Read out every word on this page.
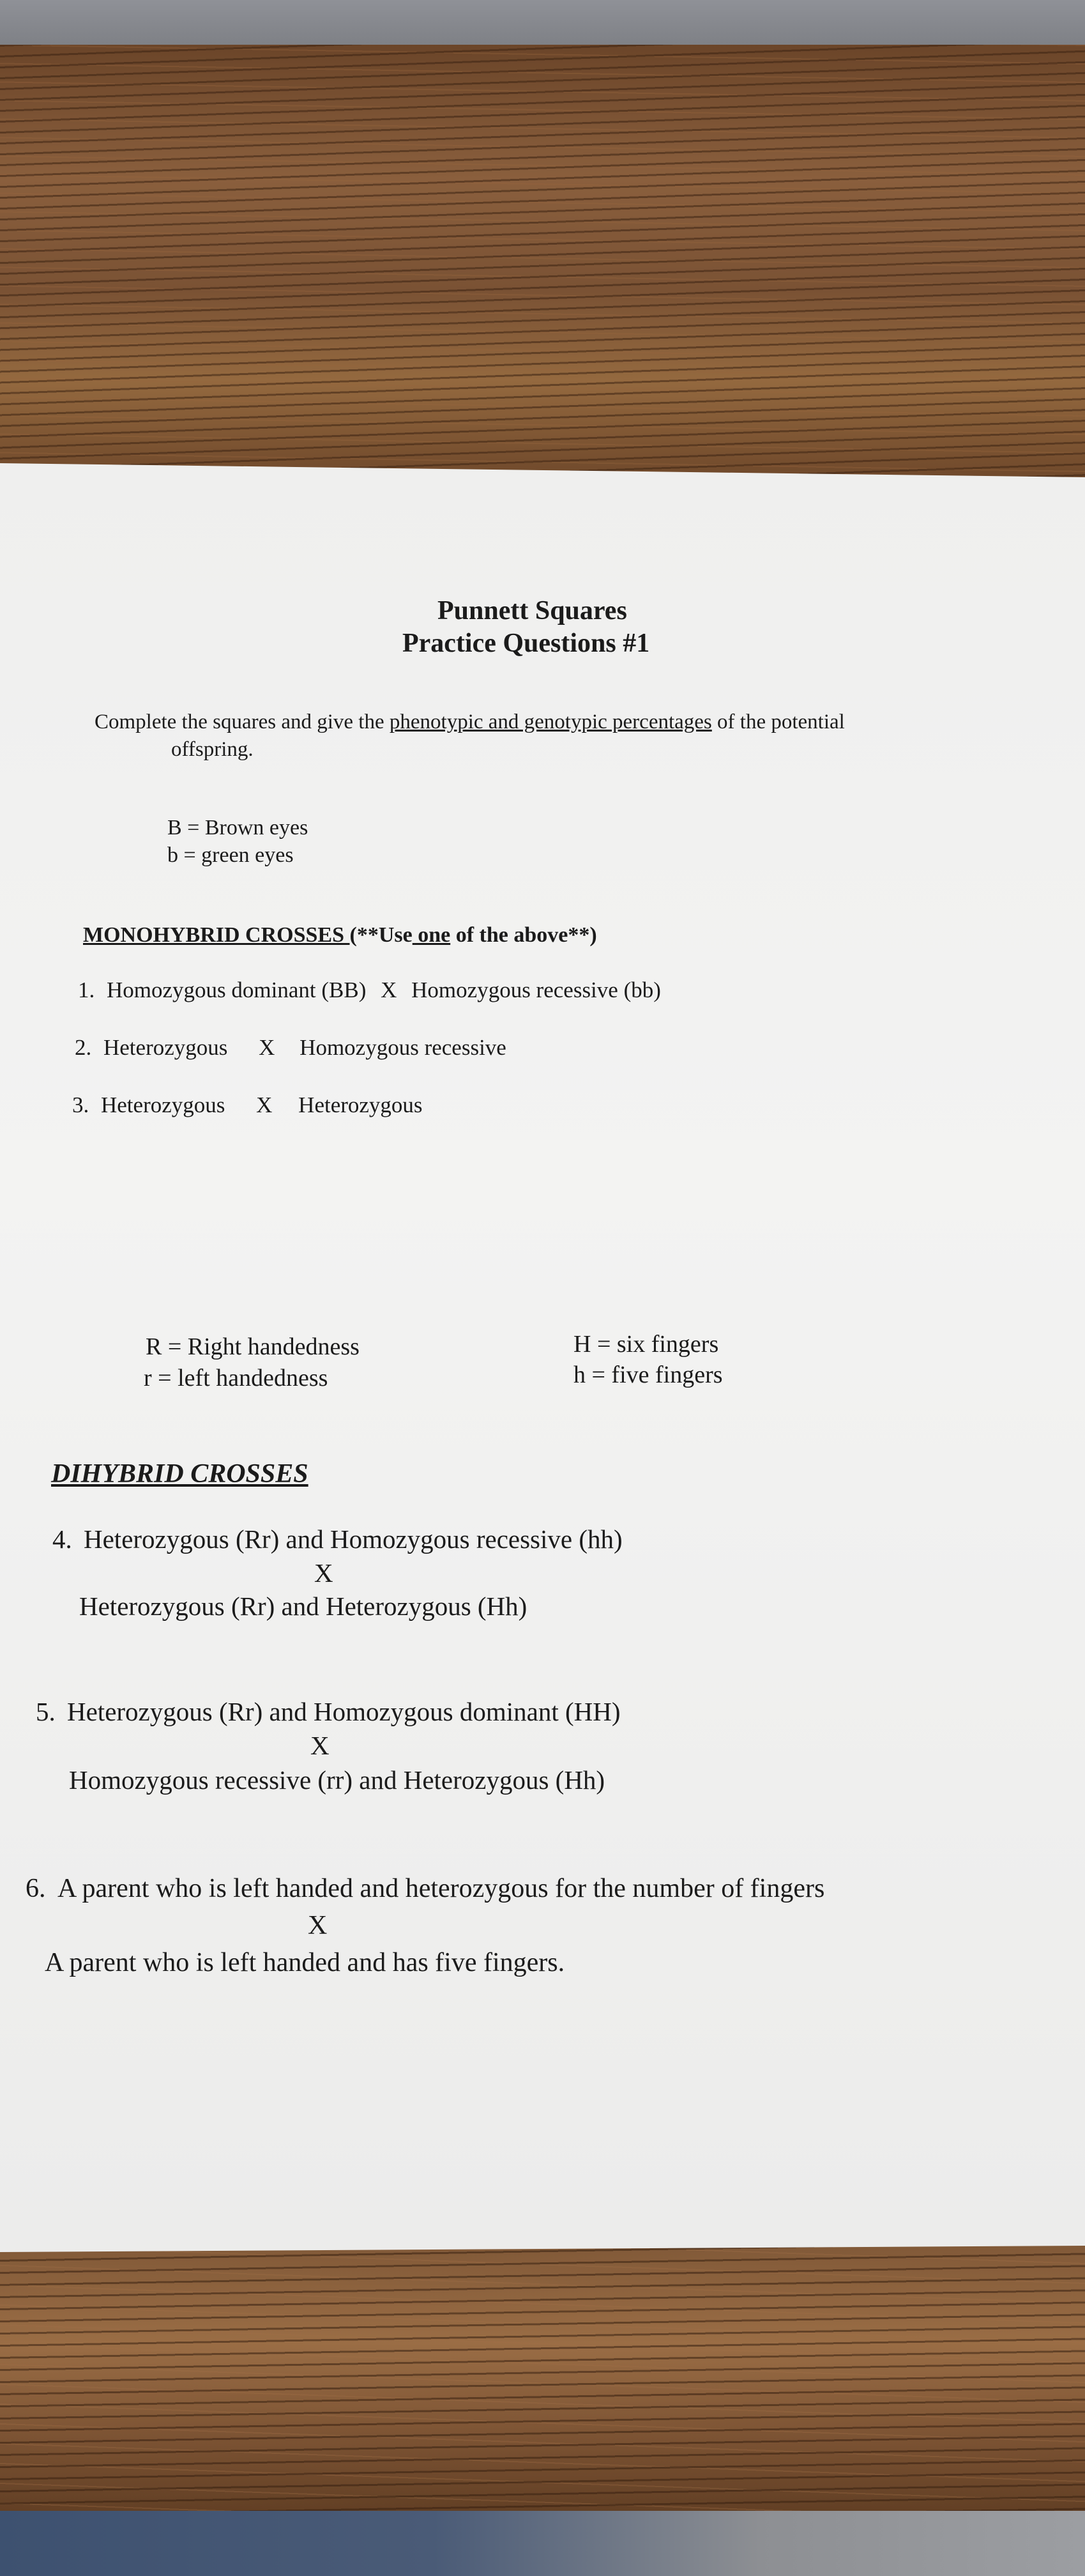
Punnett Squares
Practice Questions #1
Complete the squares and give the phenotypic and genotypic percentages of the potential
offspring.
B = Brown eyes
b = green eyes
MONOHYBRID CROSSES (**Use one of the above**)
1. Homozygous dominant (BB) X Homozygous recessive (bb)
2. Heterozygous X Homozygous recessive
3. Heterozygous X Heterozygous
R = Right handedness
r = left handedness
H = six fingers
h = five fingers
DIHYBRID CROSSES
4. Heterozygous (Rr) and Homozygous recessive (hh)
X
Heterozygous (Rr) and Heterozygous (Hh)
5. Heterozygous (Rr) and Homozygous dominant (HH)
X
Homozygous recessive (rr) and Heterozygous (Hh)
6. A parent who is left handed and heterozygous for the number of fingers
X
A parent who is left handed and has five fingers.
